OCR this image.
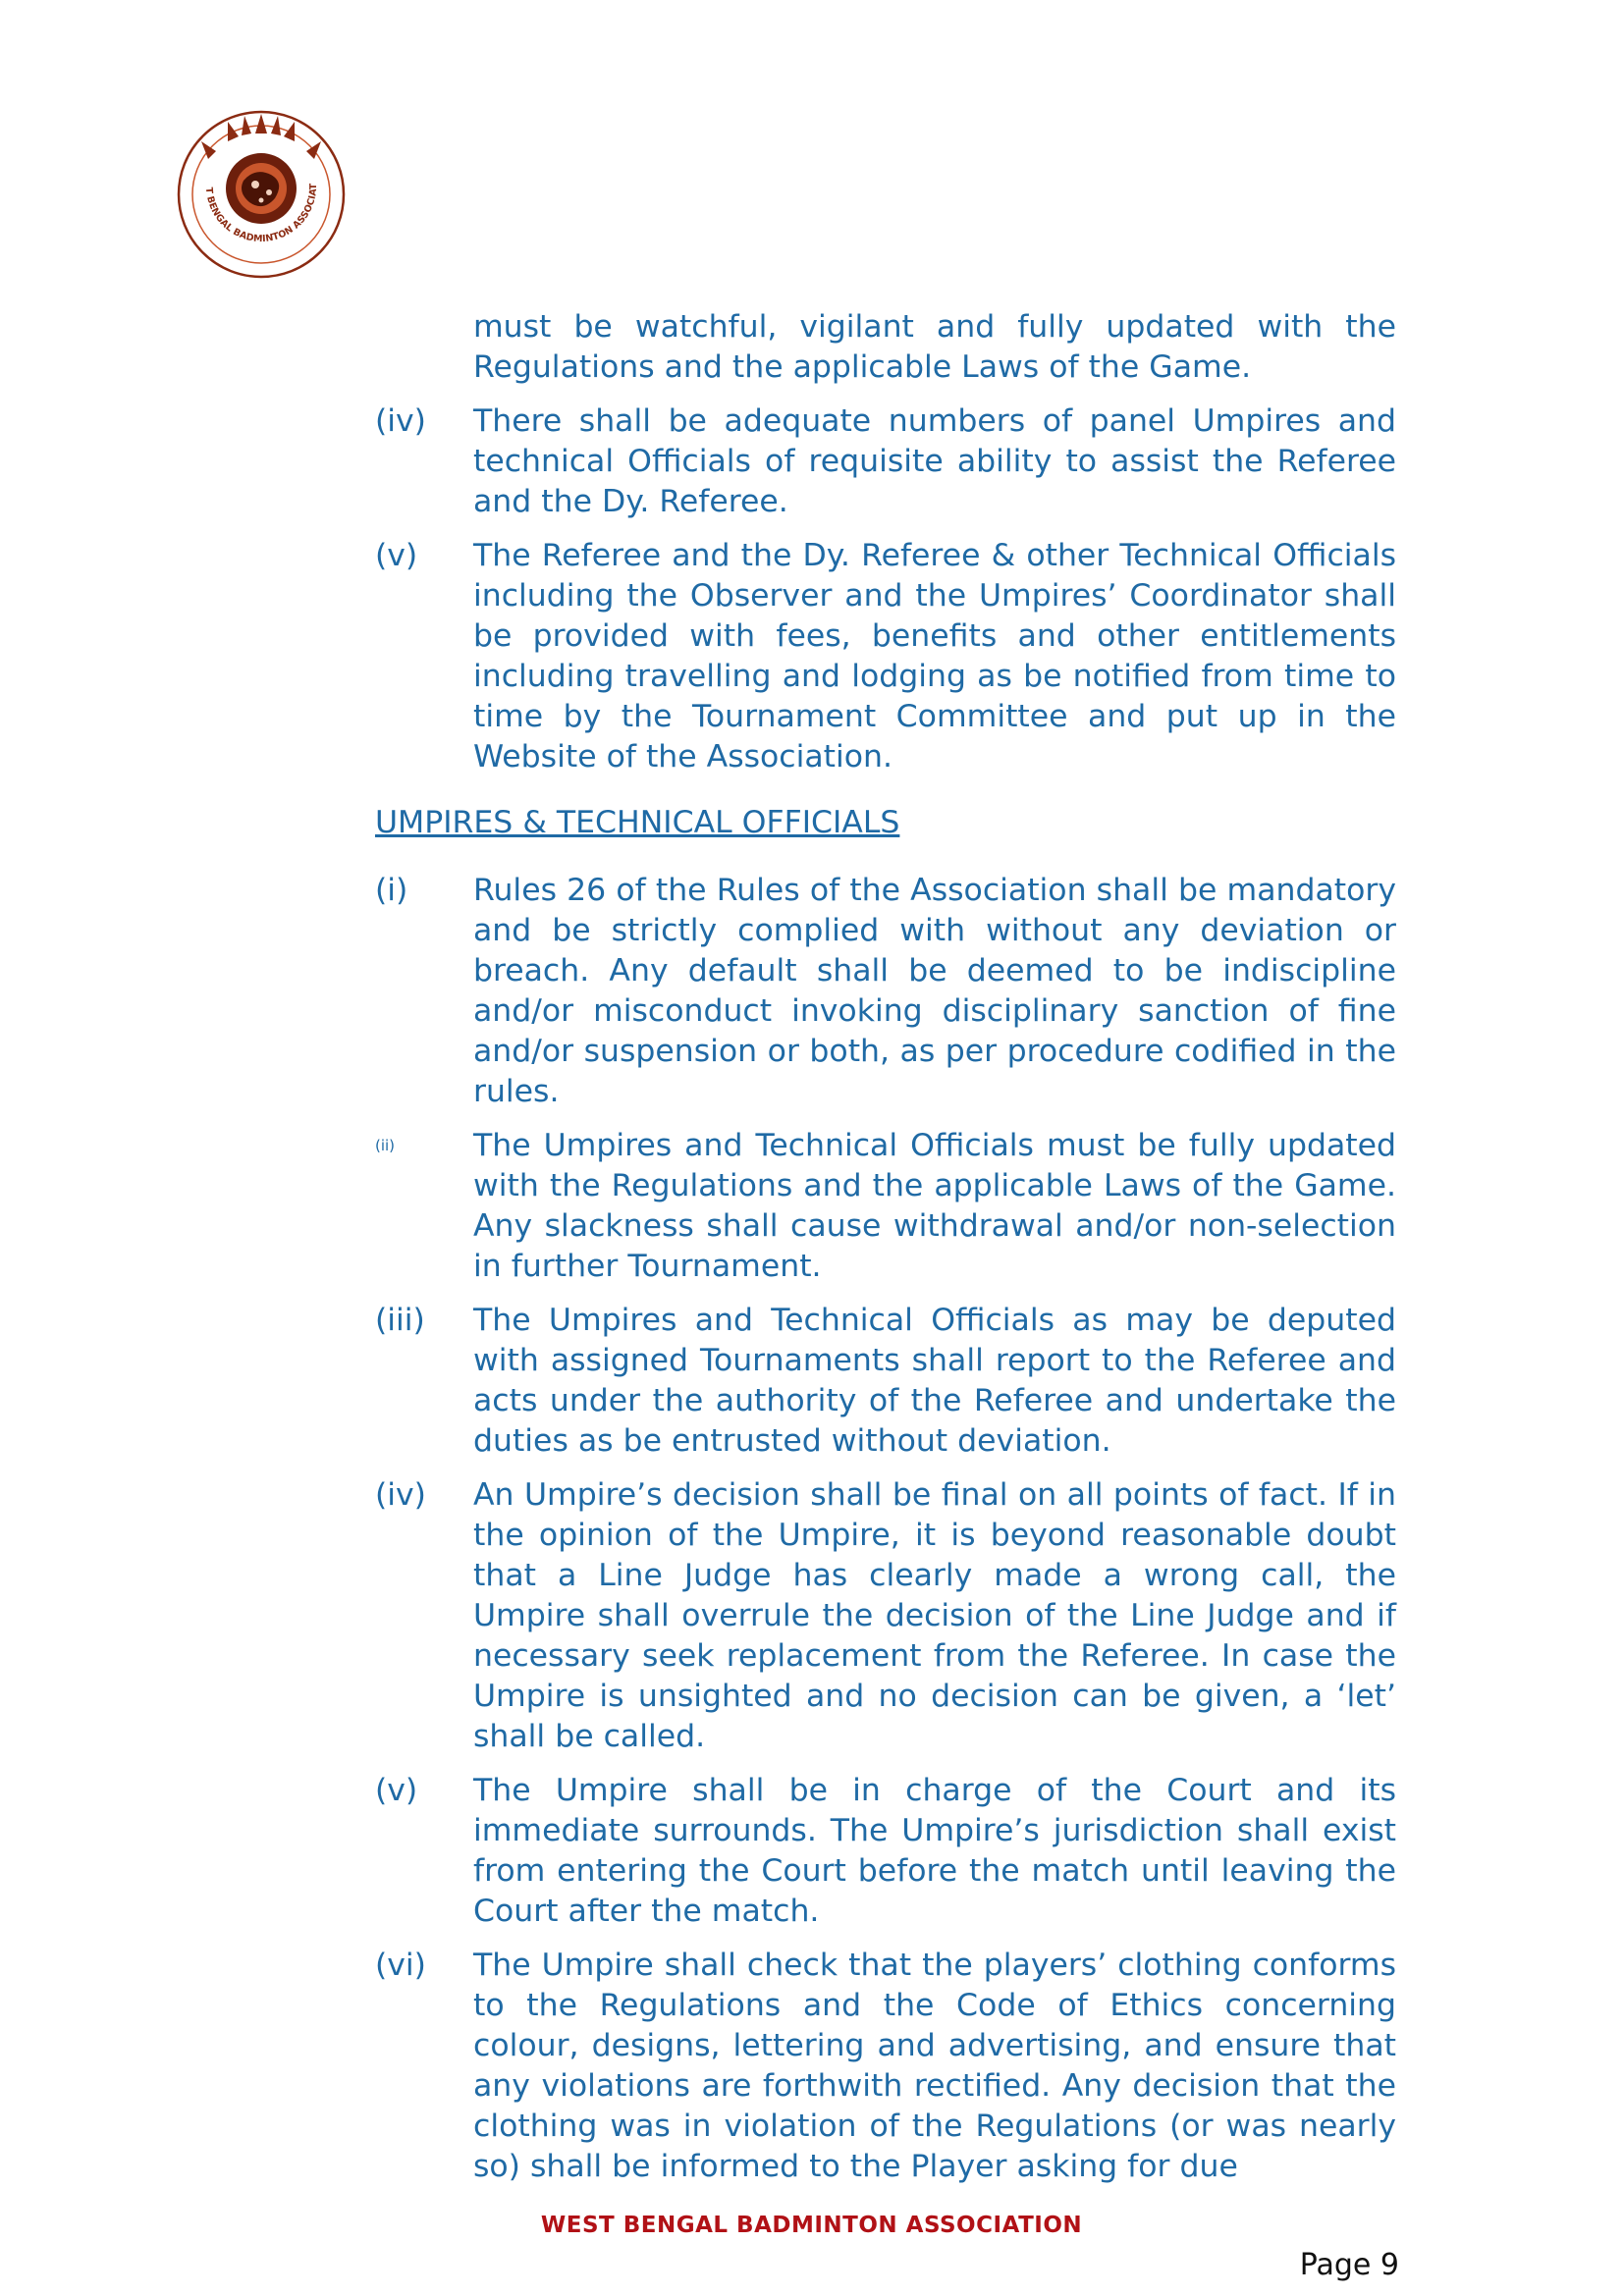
T BENGAL BADMINTON ASSOCIAT
must be watchful, vigilant and fully updated with the Regulations and the applicable Laws of the Game.
(iv)	There shall be adequate numbers of panel Umpires and technical Officials of requisite ability to assist the Referee and the Dy. Referee.
(v)	The Referee and the Dy. Referee & other Technical Officials including the Observer and the Umpires’ Coordinator shall be provided with fees, benefits and other entitlements including travelling and lodging as be notified from time to time by the Tournament Committee and put up in the Website of the Association.
UMPIRES & TECHNICAL OFFICIALS
(i)	Rules 26 of the Rules of the Association shall be mandatory and be strictly complied with without any deviation or breach. Any default shall be deemed to be indiscipline and/or misconduct invoking disciplinary sanction of fine and/or suspension or both, as per procedure codified in the rules.
(ii)	The Umpires and Technical Officials must be fully updated with the Regulations and the applicable Laws of the Game. Any slackness shall cause withdrawal and/or non-selection in further Tournament.
(iii)	The Umpires and Technical Officials as may be deputed with assigned Tournaments shall report to the Referee and acts under the authority of the Referee and undertake the duties as be entrusted without deviation.
(iv)	An Umpire’s decision shall be final on all points of fact. If in the opinion of the Umpire, it is beyond reasonable doubt that a Line Judge has clearly made a wrong call, the Umpire shall overrule the decision of the Line Judge and if necessary seek replacement from the Referee. In case the Umpire is unsighted and no decision can be given, a ‘let’ shall be called.
(v)	The Umpire shall be in charge of the Court and its immediate surrounds. The Umpire’s jurisdiction shall exist from entering the Court before the match until leaving the Court after the match.
(vi)	The Umpire shall check that the players’ clothing conforms to the Regulations and the Code of Ethics concerning colour, designs, lettering and advertising, and ensure that any violations are forthwith rectified. Any decision that the clothing was in violation of the Regulations (or was nearly so) shall be informed to the Player asking for due
WEST BENGAL BADMINTON ASSOCIATION
Page 9
